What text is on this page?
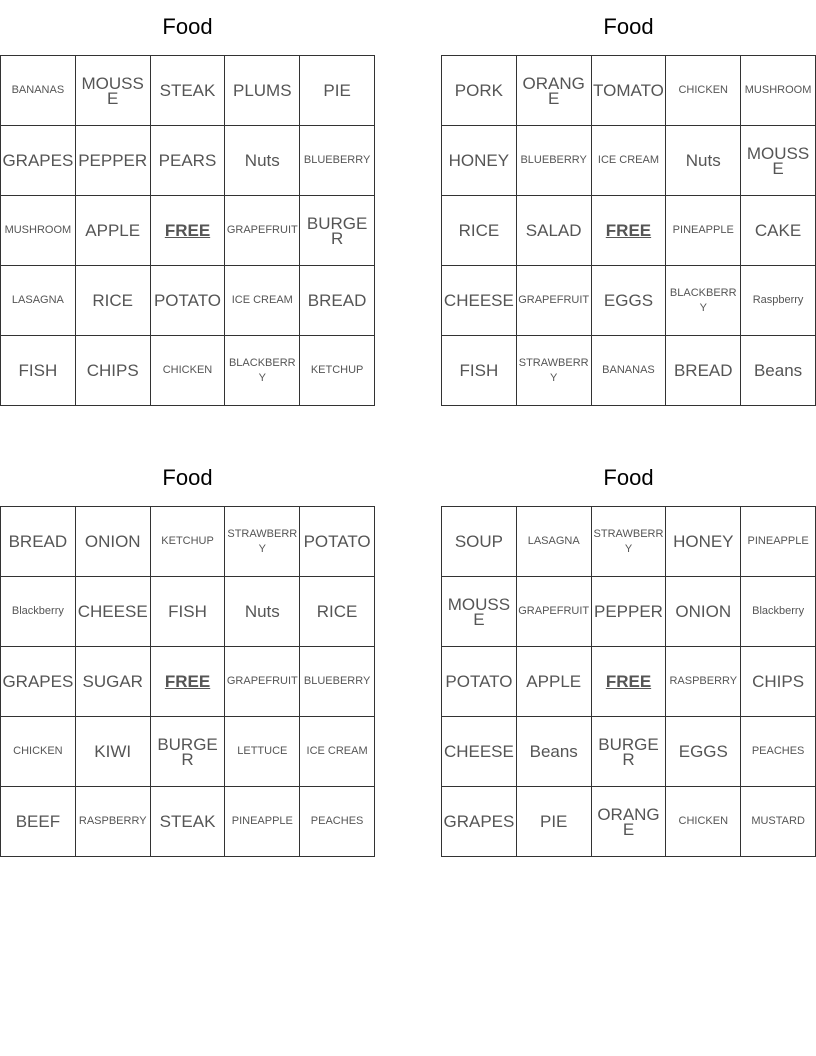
Food
BANANAS	MOUSSE	STEAK	PLUMS	PIE
GRAPES	PEPPER	PEARS	Nuts	BLUEBERRY
MUSHROOM	APPLE	FREE	GRAPEFRUIT	BURGER
LASAGNA	RICE	POTATO	ICE CREAM	BREAD
FISH	CHIPS	CHICKEN	BLACKBERRY	KETCHUP
Food
PORK	ORANGE	TOMATO	CHICKEN	MUSHROOM
HONEY	BLUEBERRY	ICE CREAM	Nuts	MOUSSE
RICE	SALAD	FREE	PINEAPPLE	CAKE
CHEESE	GRAPEFRUIT	EGGS	BLACKBERRY	Raspberry
FISH	STRAWBERRY	BANANAS	BREAD	Beans
Food
BREAD	ONION	KETCHUP	STRAWBERRY	POTATO
Blackberry	CHEESE	FISH	Nuts	RICE
GRAPES	SUGAR	FREE	GRAPEFRUIT	BLUEBERRY
CHICKEN	KIWI	BURGER	LETTUCE	ICE CREAM
BEEF	RASPBERRY	STEAK	PINEAPPLE	PEACHES
Food
SOUP	LASAGNA	STRAWBERRY	HONEY	PINEAPPLE
MOUSSE	GRAPEFRUIT	PEPPER	ONION	Blackberry
POTATO	APPLE	FREE	RASPBERRY	CHIPS
CHEESE	Beans	BURGER	EGGS	PEACHES
GRAPES	PIE	ORANGE	CHICKEN	MUSTARD
